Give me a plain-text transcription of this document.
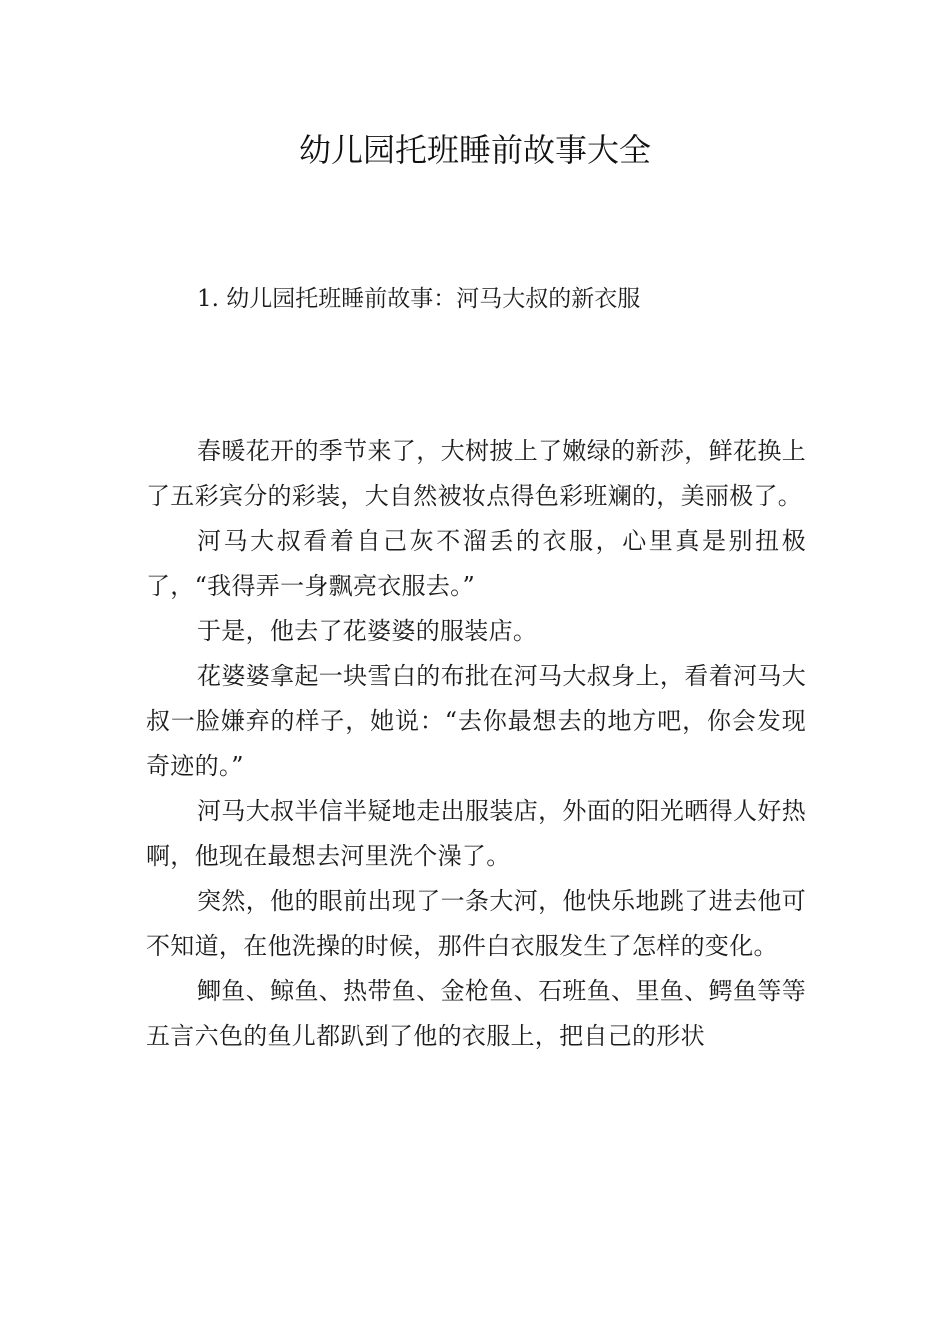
幼儿园托班睡前故事大全
1. 幼儿园托班睡前故事：河马大叔的新衣服

春暖花开的季节来了，大树披上了嫩绿的新莎，鲜花换上了五彩宾分的彩装，大自然被妆点得色彩班斓的，美丽极了。

河马大叔看着自己灰不溜丢的衣服，心里真是别扭极了，“我得弄一身飘亮衣服去。”

于是，他去了花婆婆的服装店。

花婆婆拿起一块雪白的布批在河马大叔身上，看着河马大叔一脸嫌弃的样子，她说：“去你最想去的地方吧，你会发现奇迹的。”

河马大叔半信半疑地走出服装店，外面的阳光晒得人好热啊，他现在最想去河里洗个澡了。

突然，他的眼前出现了一条大河，他快乐地跳了进去他可不知道，在他洗操的时候，那件白衣服发生了怎样的变化。

鲫鱼、鲸鱼、热带鱼、金枪鱼、石班鱼、里鱼、鳄鱼等等五言六色的鱼儿都趴到了他的衣服上，把自己的形状
